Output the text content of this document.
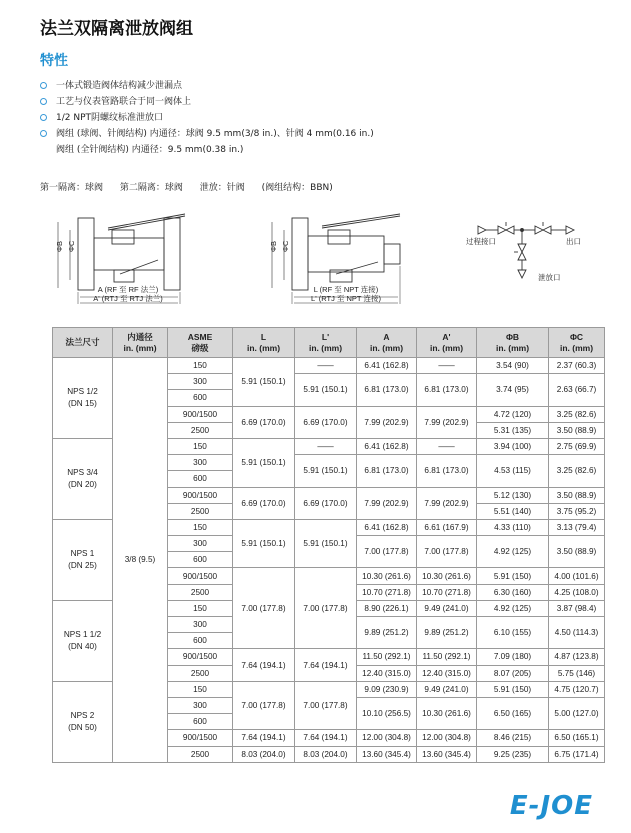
法兰双隔离泄放阀组
特性
一体式锻造阀体结构减少泄漏点
工艺与仪表管路联合于同一阀体上
1/2 NPT阴螺纹标准泄放口
阀组 (球阀、针阀结构) 内通径：球阀 9.5 mm(3/8 in.)、针阀 4 mm(0.16 in.)
阀组 (全针阀结构) 内通径：9.5 mm(0.38 in.)
第一隔离：球阀 第二隔离：球阀 泄放：针阀 (阀组结构：BBN)
ΦB ΦC
A (RF 至 RF 法兰)
A' (RTJ 至 RTJ 法兰)
ΦB ΦC
L (RF 至 NPT 连接)
L' (RTJ 至 NPT 连接)
过程接口	出口
泄放口
法兰尺寸	内通径
in. (mm)	ASME
磅级	L
in. (mm)	L'
in. (mm)	A
in. (mm)	A'
in. (mm)	ΦB
in. (mm)	ΦC
in. (mm)
NPS 1/2
(DN 15)	3/8 (9.5)	150	5.91 (150.1)	——	6.41 (162.8)	——	3.54 (90)	2.37 (60.3)
		300		5.91 (150.1)	6.81 (173.0)	6.81 (173.0)	3.74 (95)	2.63 (66.7)
		600						
		900/1500	6.69 (170.0)	6.69 (170.0)	7.99 (202.9)	7.99 (202.9)	4.72 (120)	3.25 (82.6)
		2500					5.31 (135)	3.50 (88.9)
NPS 3/4
(DN 20)		150	5.91 (150.1)	——	6.41 (162.8)	——	3.94 (100)	2.75 (69.9)
		300		5.91 (150.1)	6.81 (173.0)	6.81 (173.0)	4.53 (115)	3.25 (82.6)
		600						
		900/1500	6.69 (170.0)	6.69 (170.0)	7.99 (202.9)	7.99 (202.9)	5.12 (130)	3.50 (88.9)
		2500					5.51 (140)	3.75 (95.2)
NPS 1
(DN 25)		150	5.91 (150.1)	5.91 (150.1)	6.41 (162.8)	6.61 (167.9)	4.33 (110)	3.13 (79.4)
		300			7.00 (177.8)	7.00 (177.8)	4.92 (125)	3.50 (88.9)
		600						
		900/1500	7.00 (177.8)	7.00 (177.8)	10.30 (261.6)	10.30 (261.6)	5.91 (150)	4.00 (101.6)
		2500			10.70 (271.8)	10.70 (271.8)	6.30 (160)	4.25 (108.0)
NPS 1 1/2
(DN 40)		150			8.90 (226.1)	9.49 (241.0)	4.92 (125)	3.87 (98.4)
		300			9.89 (251.2)	9.89 (251.2)	6.10 (155)	4.50 (114.3)
		600						
		900/1500	7.64 (194.1)	7.64 (194.1)	11.50 (292.1)	11.50 (292.1)	7.09 (180)	4.87 (123.8)
		2500			12.40 (315.0)	12.40 (315.0)	8.07 (205)	5.75 (146)
NPS 2
(DN 50)		150	7.00 (177.8)	7.00 (177.8)	9.09 (230.9)	9.49 (241.0)	5.91 (150)	4.75 (120.7)
		300			10.10 (256.5)	10.30 (261.6)	6.50 (165)	5.00 (127.0)
		600						
		900/1500	7.64 (194.1)	7.64 (194.1)	12.00 (304.8)	12.00 (304.8)	8.46 (215)	6.50 (165.1)
		2500	8.03 (204.0)	8.03 (204.0)	13.60 (345.4)	13.60 (345.4)	9.25 (235)	6.75 (171.4)
E-JOE
